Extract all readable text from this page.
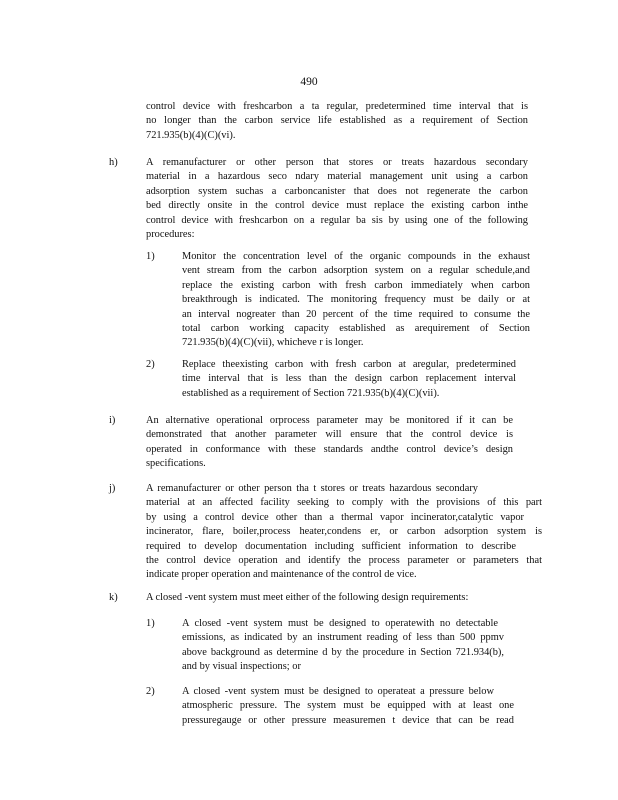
490
control device with freshcarbon a ta regular, predetermined time interval that is
no longer than the carbon service life established as a requirement of Section
721.935(b)(4)(C)(vi).
h)	A remanufacturer or other person that stores or treats hazardous secondary
material in a hazardous seco ndary material management unit using a carbon
adsorption system suchas a carboncanister that does not regenerate the carbon
bed directly onsite in the control device must replace the existing carbon inthe
control device with freshcarbon on a regular ba sis by using one of the following
procedures:
1)	Monitor the concentration level of the organic compounds in the exhaust
vent stream from the carbon adsorption system on a regular schedule,and
replace the existing carbon with fresh carbon immediately when carbon
breakthrough is indicated. The monitoring frequency must be daily or at
an interval nogreater than 20 percent of the time required to consume the
total carbon working capacity established as arequirement of Section
721.935(b)(4)(C)(vii), whicheve r is longer.
2)	Replace theexisting carbon with fresh carbon at aregular, predetermined
time interval that is less than the design carbon replacement interval
established as a requirement of Section 721.935(b)(4)(C)(vii).
i)	An alternative operational orprocess parameter may be monitored if it can be
demonstrated that another parameter will ensure that the control device is
operated in conformance with these standards andthe control device’s design
specifications.
j)	A remanufacturer or other person tha t stores or treats hazardous secondary
material at an affected facility seeking to comply with the provisions of this part
by using a control device other than a thermal vapor incinerator,catalytic vapor
incinerator, flare, boiler,process heater,condens er, or carbon adsorption system is
required to develop documentation including sufficient information to describe
the control device operation and identify the process parameter or parameters that
indicate proper operation and maintenance of the control de vice.
k)	A closed -vent system must meet either of the following design requirements:
1)	A closed -vent system must be designed to operatewith no detectable
emissions, as indicated by an instrument reading of less than 500 ppmv
above background as determine d by the procedure in Section 721.934(b),
and by visual inspections; or
2)	A closed -vent system must be designed to operateat a pressure below
atmospheric pressure. The system must be equipped with at least one
pressuregauge or other pressure measuremen t device that can be read
